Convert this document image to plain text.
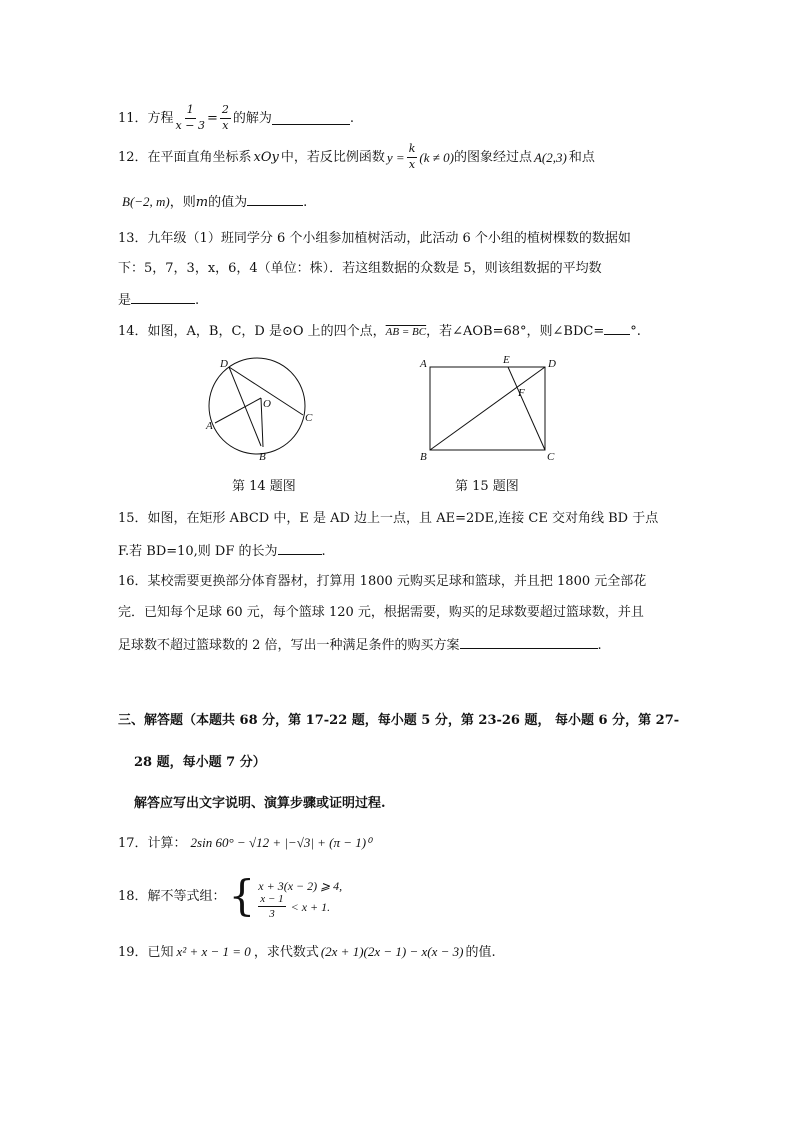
11．方程 $\frac{1}{x - 3} = \frac{2}{x}$ 的解为	.
12．在平面直角坐标系 xOy 中，若反比例函数 $y = \frac{k}{x} (k \ne 0)$ 的图象经过点 A(2,3) 和点
B(−2, m)，则m的值为	.
13．九年级（1）班同学分 6 个小组参加植树活动，此活动 6 个小组的植树棵数的数据如
下：5，7，3，x，6，4（单位：株）．若这组数据的众数是 5，则该组数据的平均数
是	.
14．如图，A，B，C，D 是⊙O 上的四个点，AB = BC，若∠AOB=68°，则∠BDC= °.
D
O
A
B
C
第 14 题图
A	E	D
F
B	C
第 15 题图
15．如图，在矩形 ABCD 中，E 是 AD 边上一点，且 AE=2DE,连接 CE 交对角线 BD 于点
F.若 BD=10,则 DF 的长为	.
16．某校需要更换部分体育器材，打算用 1800 元购买足球和篮球，并且把 1800 元全部花
完．已知每个足球 60 元，每个篮球 120 元，根据需要，购买的足球数要超过篮球数，并且
足球数不超过篮球数的 2 倍，写出一种满足条件的购买方案	.
三、解答题（本题共 68 分，第 17-22 题，每小题 5 分，第 23-26 题， 每小题 6 分，第 27-
28 题，每小题 7 分）
解答应写出文字说明、演算步骤或证明过程.
17．计算： 2sin 60° − √12 + |−√3| + (π − 1)⁰
18．解不等式组： { x + 3(x − 2) ⩾ 4,
$\frac{x - 1}{3} < x + 1$.
19．已知 x² + x − 1 = 0 ，求代数式 (2x + 1)(2x − 1) − x(x − 3) 的值.
